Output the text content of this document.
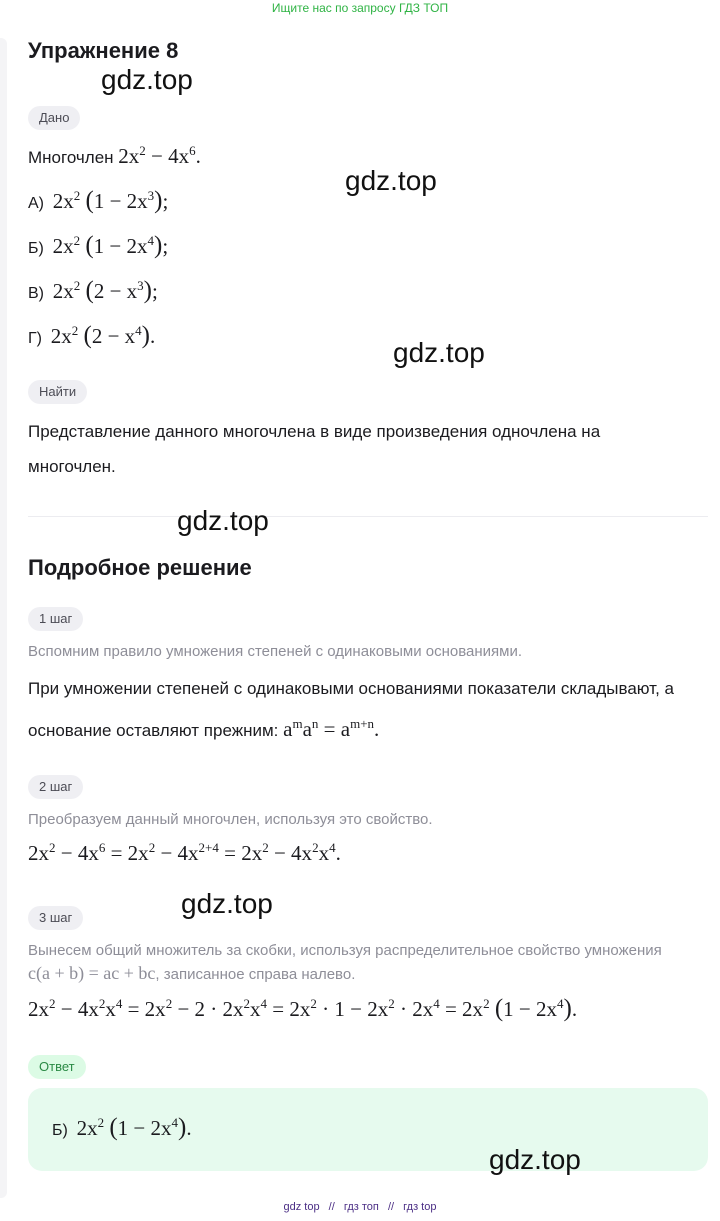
Ищите нас по запросу ГДЗ ТОП
Упражнение 8
Дано
Многочлен $2x^2 - 4x^6$.
А) $2x^2$ $(1 - 2x^3)$;
Б) $2x^2$ $(1 - 2x^4)$;
В) $2x^2$ $(2 - x^3)$;
Г) $2x^2$ $(2 - x^4)$.
Найти
Представление данного многочлена в виде произведения одночлена на многочлен.
Подробное решение
1 шаг
Вспомним правило умножения степеней с одинаковыми основаниями.
При умножении степеней с одинаковыми основаниями показатели складывают, а основание оставляют прежним: $a^ma^n = a^{m+n}$.
2 шаг
Преобразуем данный многочлен, используя это свойство.
$2x^2 - 4x^6 = 2x^2 - 4x^{2+4} = 2x^2 - 4x^2x^4$.
3 шаг
Вынесем общий множитель за скобки, используя распределительное свойство умножения c(a + b) = ac + bc, записанное справа налево.
$2x^2 - 4x^2x^4 = 2x^2 - 2 \cdot 2x^2x^4 = 2x^2 \cdot 1 - 2x^2 \cdot 2x^4 = 2x^2$ $(1 - 2x^4)$.
Ответ
Б) $2x^2$ $(1 - 2x^4)$.
gdz.top
gdz.top
gdz.top
gdz.top
gdz.top
gdz.top
gdz top // гдз топ // гдз top
